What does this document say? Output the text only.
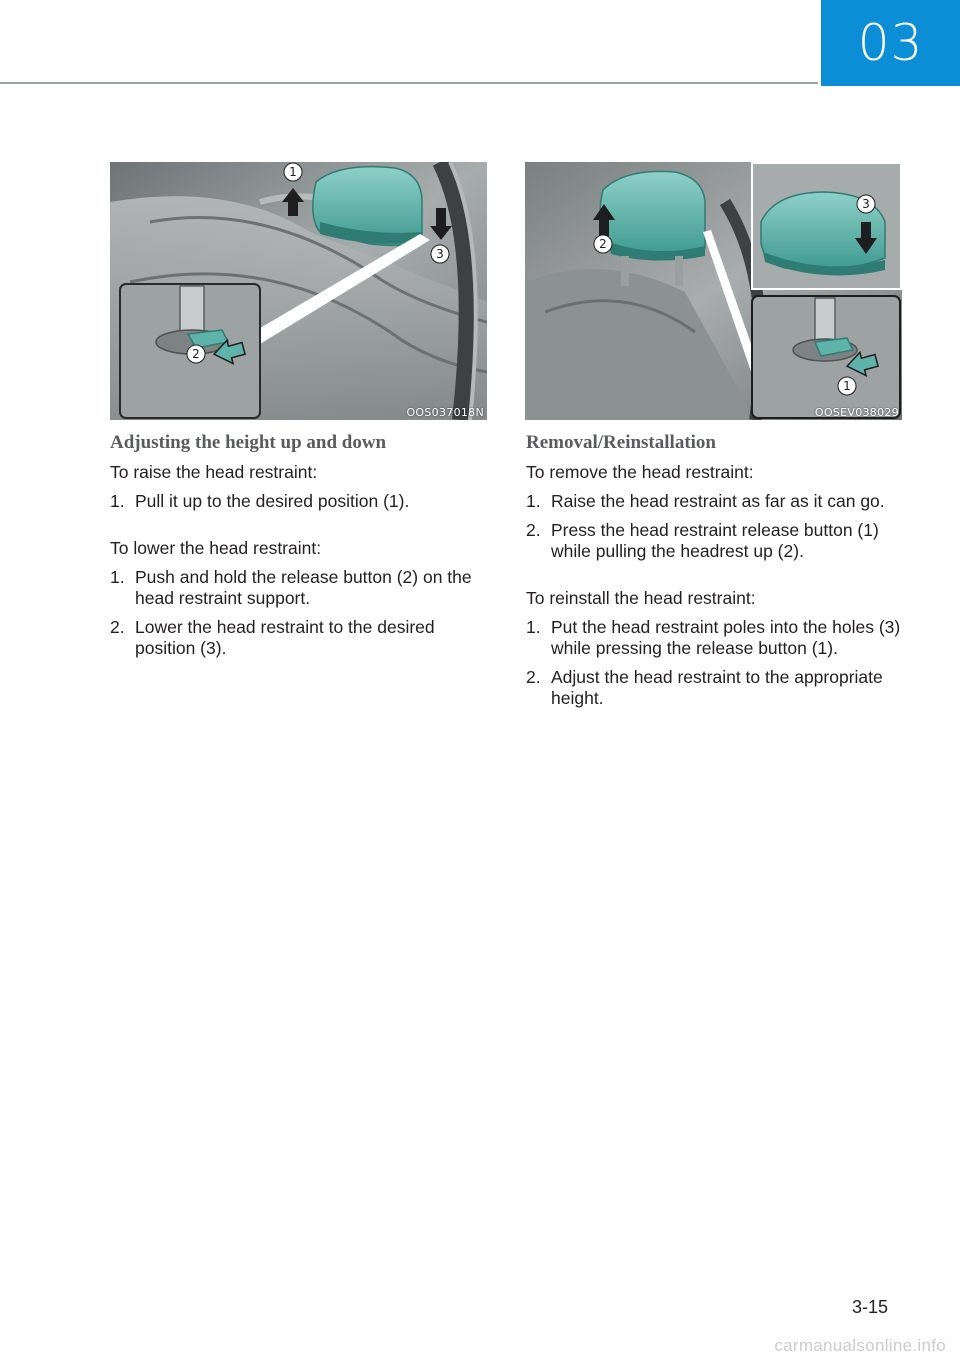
03
1
3
2
OOS037018N
2
3
1
OOSEV038029
Adjusting the height up and down

To raise the head restraint:

1. Pull it up to the desired position (1).

To lower the head restraint:

1. Push and hold the release button (2) on the head restraint support.
2. Lower the head restraint to the desired position (3).
Removal/Reinstallation

To remove the head restraint:

1. Raise the head restraint as far as it can go.
2. Press the head restraint release button (1) while pulling the headrest up (2).

To reinstall the head restraint:

1. Put the head restraint poles into the holes (3) while pressing the release button (1).
2. Adjust the head restraint to the appropriate height.
3-15
carmanualsonline.info
